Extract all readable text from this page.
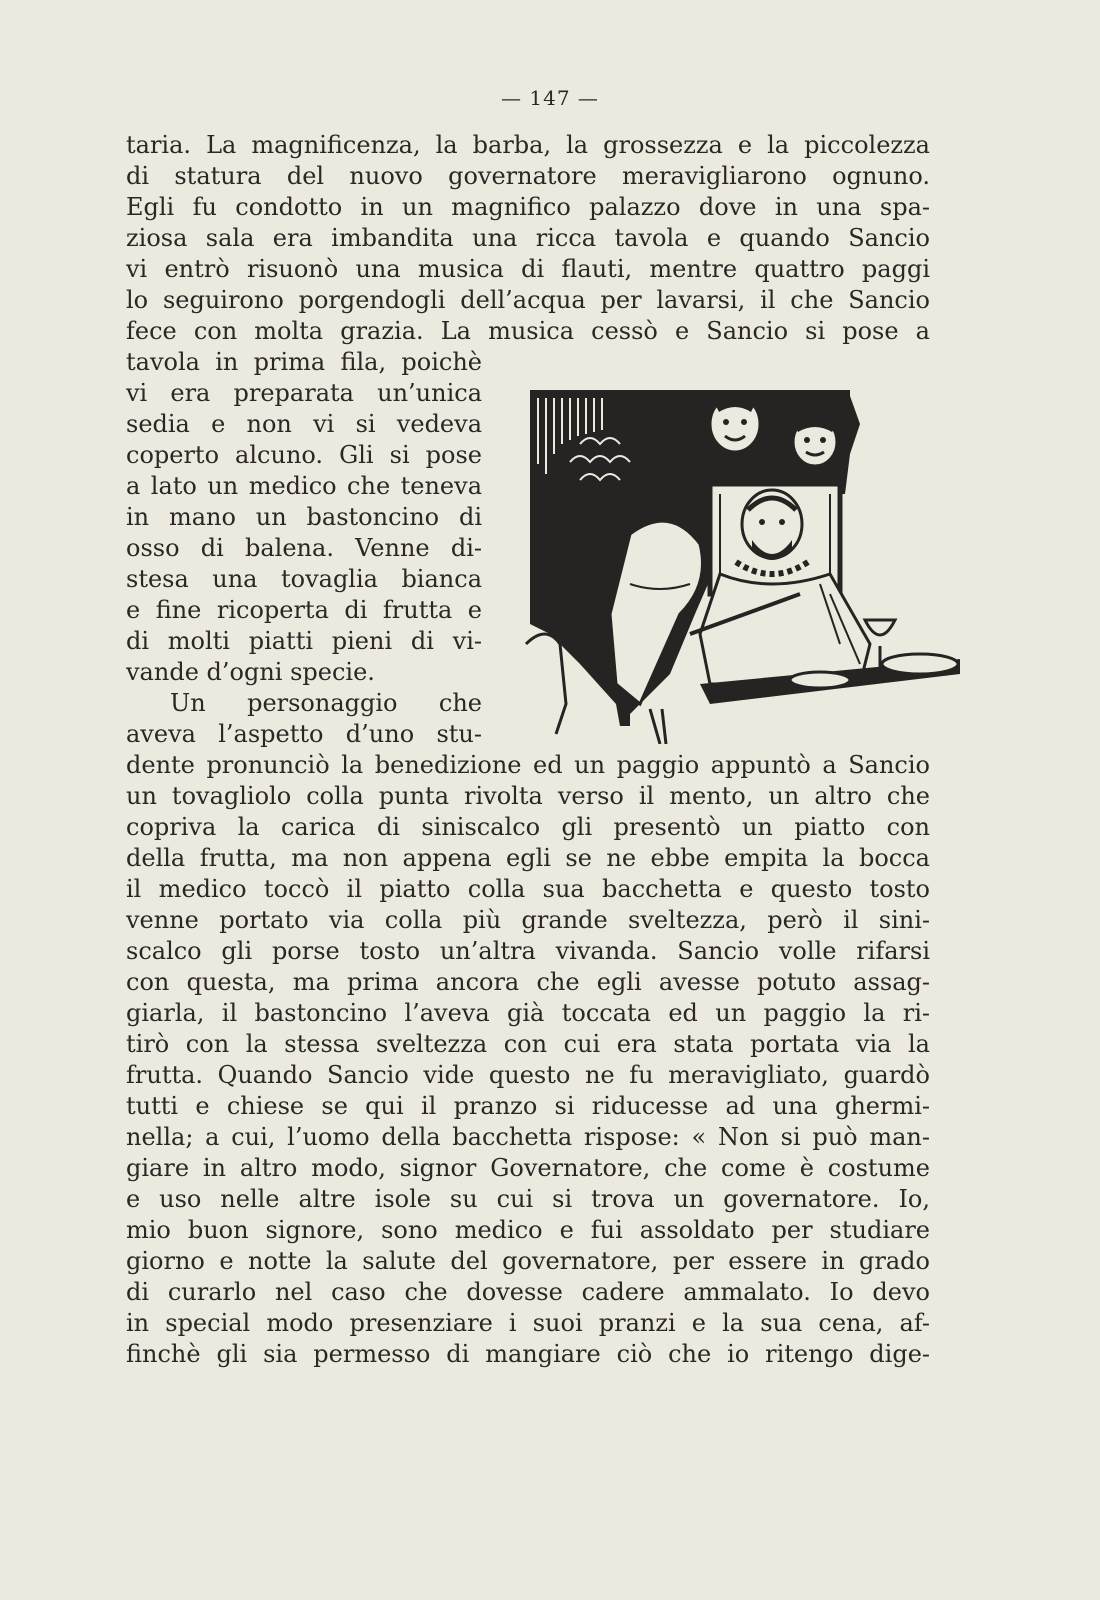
— 147 —
taria. La magnificenza, la barba, la grossezza e la piccolezza
di statura del nuovo governatore meravigliarono ognuno.
Egli fu condotto in un magnifico palazzo dove in una spa-
ziosa sala era imbandita una ricca tavola e quando Sancio
vi entrò risuonò una musica di flauti, mentre quattro paggi
lo seguirono porgendogli dell’acqua per lavarsi, il che Sancio
fece con molta grazia. La musica cessò e Sancio si pose a
tavola in prima fila, poichè
vi era preparata un’unica
sedia e non vi si vedeva
coperto alcuno. Gli si pose
a lato un medico che teneva
in mano un bastoncino di
osso di balena. Venne di-
stesa una tovaglia bianca
e fine ricoperta di frutta e
di molti piatti pieni di vi-
vande d’ogni specie.
Un personaggio che
aveva l’aspetto d’uno stu-
dente pronunciò la benedizione ed un paggio appuntò a Sancio
un tovagliolo colla punta rivolta verso il mento, un altro che
copriva la carica di siniscalco gli presentò un piatto con
della frutta, ma non appena egli se ne ebbe empita la bocca
il medico toccò il piatto colla sua bacchetta e questo tosto
venne portato via colla più grande sveltezza, però il sini-
scalco gli porse tosto un’altra vivanda. Sancio volle rifarsi
con questa, ma prima ancora che egli avesse potuto assag-
giarla, il bastoncino l’aveva già toccata ed un paggio la ri-
tirò con la stessa sveltezza con cui era stata portata via la
frutta. Quando Sancio vide questo ne fu meravigliato, guardò
tutti e chiese se qui il pranzo si riducesse ad una ghermi-
nella; a cui, l’uomo della bacchetta rispose: « Non si può man-
giare in altro modo, signor Governatore, che come è costume
e uso nelle altre isole su cui si trova un governatore. Io,
mio buon signore, sono medico e fui assoldato per studiare
giorno e notte la salute del governatore, per essere in grado
di curarlo nel caso che dovesse cadere ammalato. Io devo
in special modo presenziare i suoi pranzi e la sua cena, af-
finchè gli sia permesso di mangiare ciò che io ritengo dige-
